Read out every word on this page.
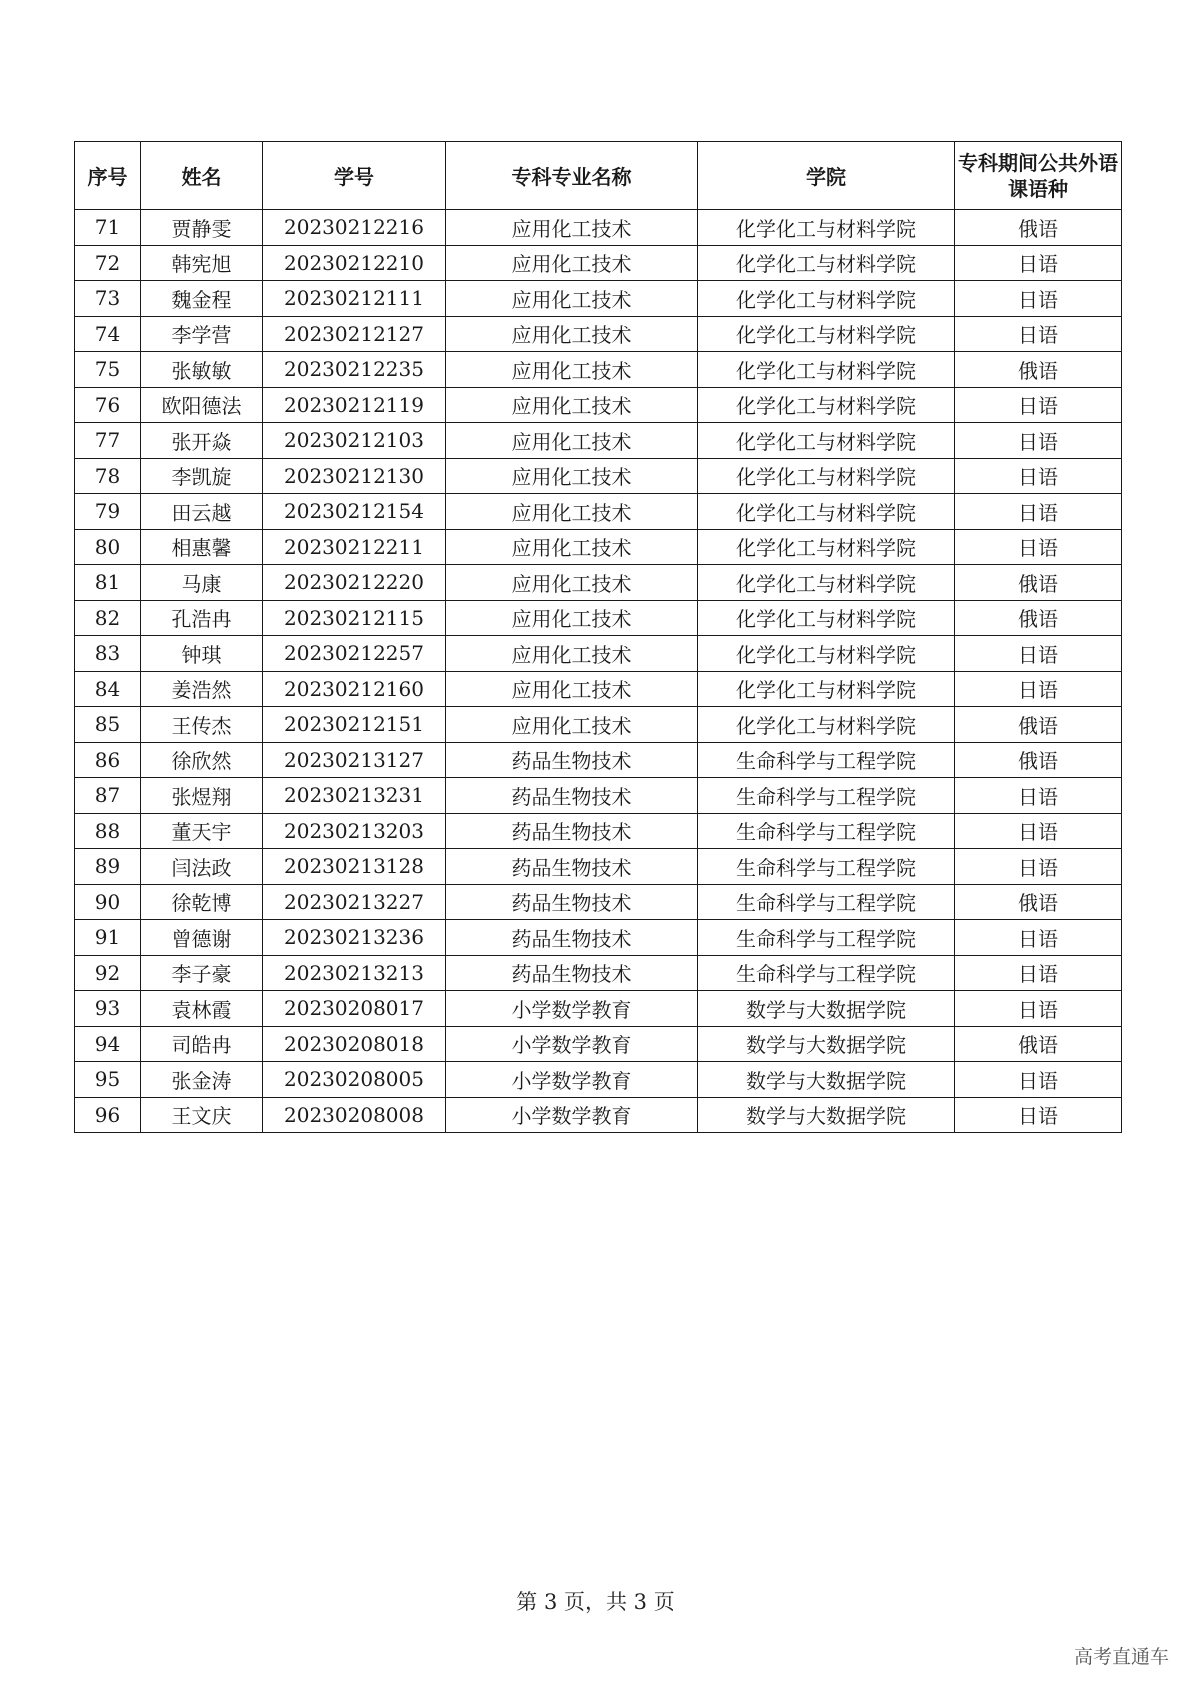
序号	姓名	学号	专科专业名称	学院	专科期间公共外语课语种
71	贾静雯	20230212216	应用化工技术	化学化工与材料学院	俄语
72	韩宪旭	20230212210	应用化工技术	化学化工与材料学院	日语
73	魏金程	20230212111	应用化工技术	化学化工与材料学院	日语
74	李学营	20230212127	应用化工技术	化学化工与材料学院	日语
75	张敏敏	20230212235	应用化工技术	化学化工与材料学院	俄语
76	欧阳德法	20230212119	应用化工技术	化学化工与材料学院	日语
77	张开焱	20230212103	应用化工技术	化学化工与材料学院	日语
78	李凯旋	20230212130	应用化工技术	化学化工与材料学院	日语
79	田云越	20230212154	应用化工技术	化学化工与材料学院	日语
80	相惠馨	20230212211	应用化工技术	化学化工与材料学院	日语
81	马康	20230212220	应用化工技术	化学化工与材料学院	俄语
82	孔浩冉	20230212115	应用化工技术	化学化工与材料学院	俄语
83	钟琪	20230212257	应用化工技术	化学化工与材料学院	日语
84	姜浩然	20230212160	应用化工技术	化学化工与材料学院	日语
85	王传杰	20230212151	应用化工技术	化学化工与材料学院	俄语
86	徐欣然	20230213127	药品生物技术	生命科学与工程学院	俄语
87	张煜翔	20230213231	药品生物技术	生命科学与工程学院	日语
88	董天宇	20230213203	药品生物技术	生命科学与工程学院	日语
89	闫法政	20230213128	药品生物技术	生命科学与工程学院	日语
90	徐乾博	20230213227	药品生物技术	生命科学与工程学院	俄语
91	曾德谢	20230213236	药品生物技术	生命科学与工程学院	日语
92	李子豪	20230213213	药品生物技术	生命科学与工程学院	日语
93	袁林霞	20230208017	小学数学教育	数学与大数据学院	日语
94	司皓冉	20230208018	小学数学教育	数学与大数据学院	俄语
95	张金涛	20230208005	小学数学教育	数学与大数据学院	日语
96	王文庆	20230208008	小学数学教育	数学与大数据学院	日语
第 3 页，共 3 页
高考直通车
